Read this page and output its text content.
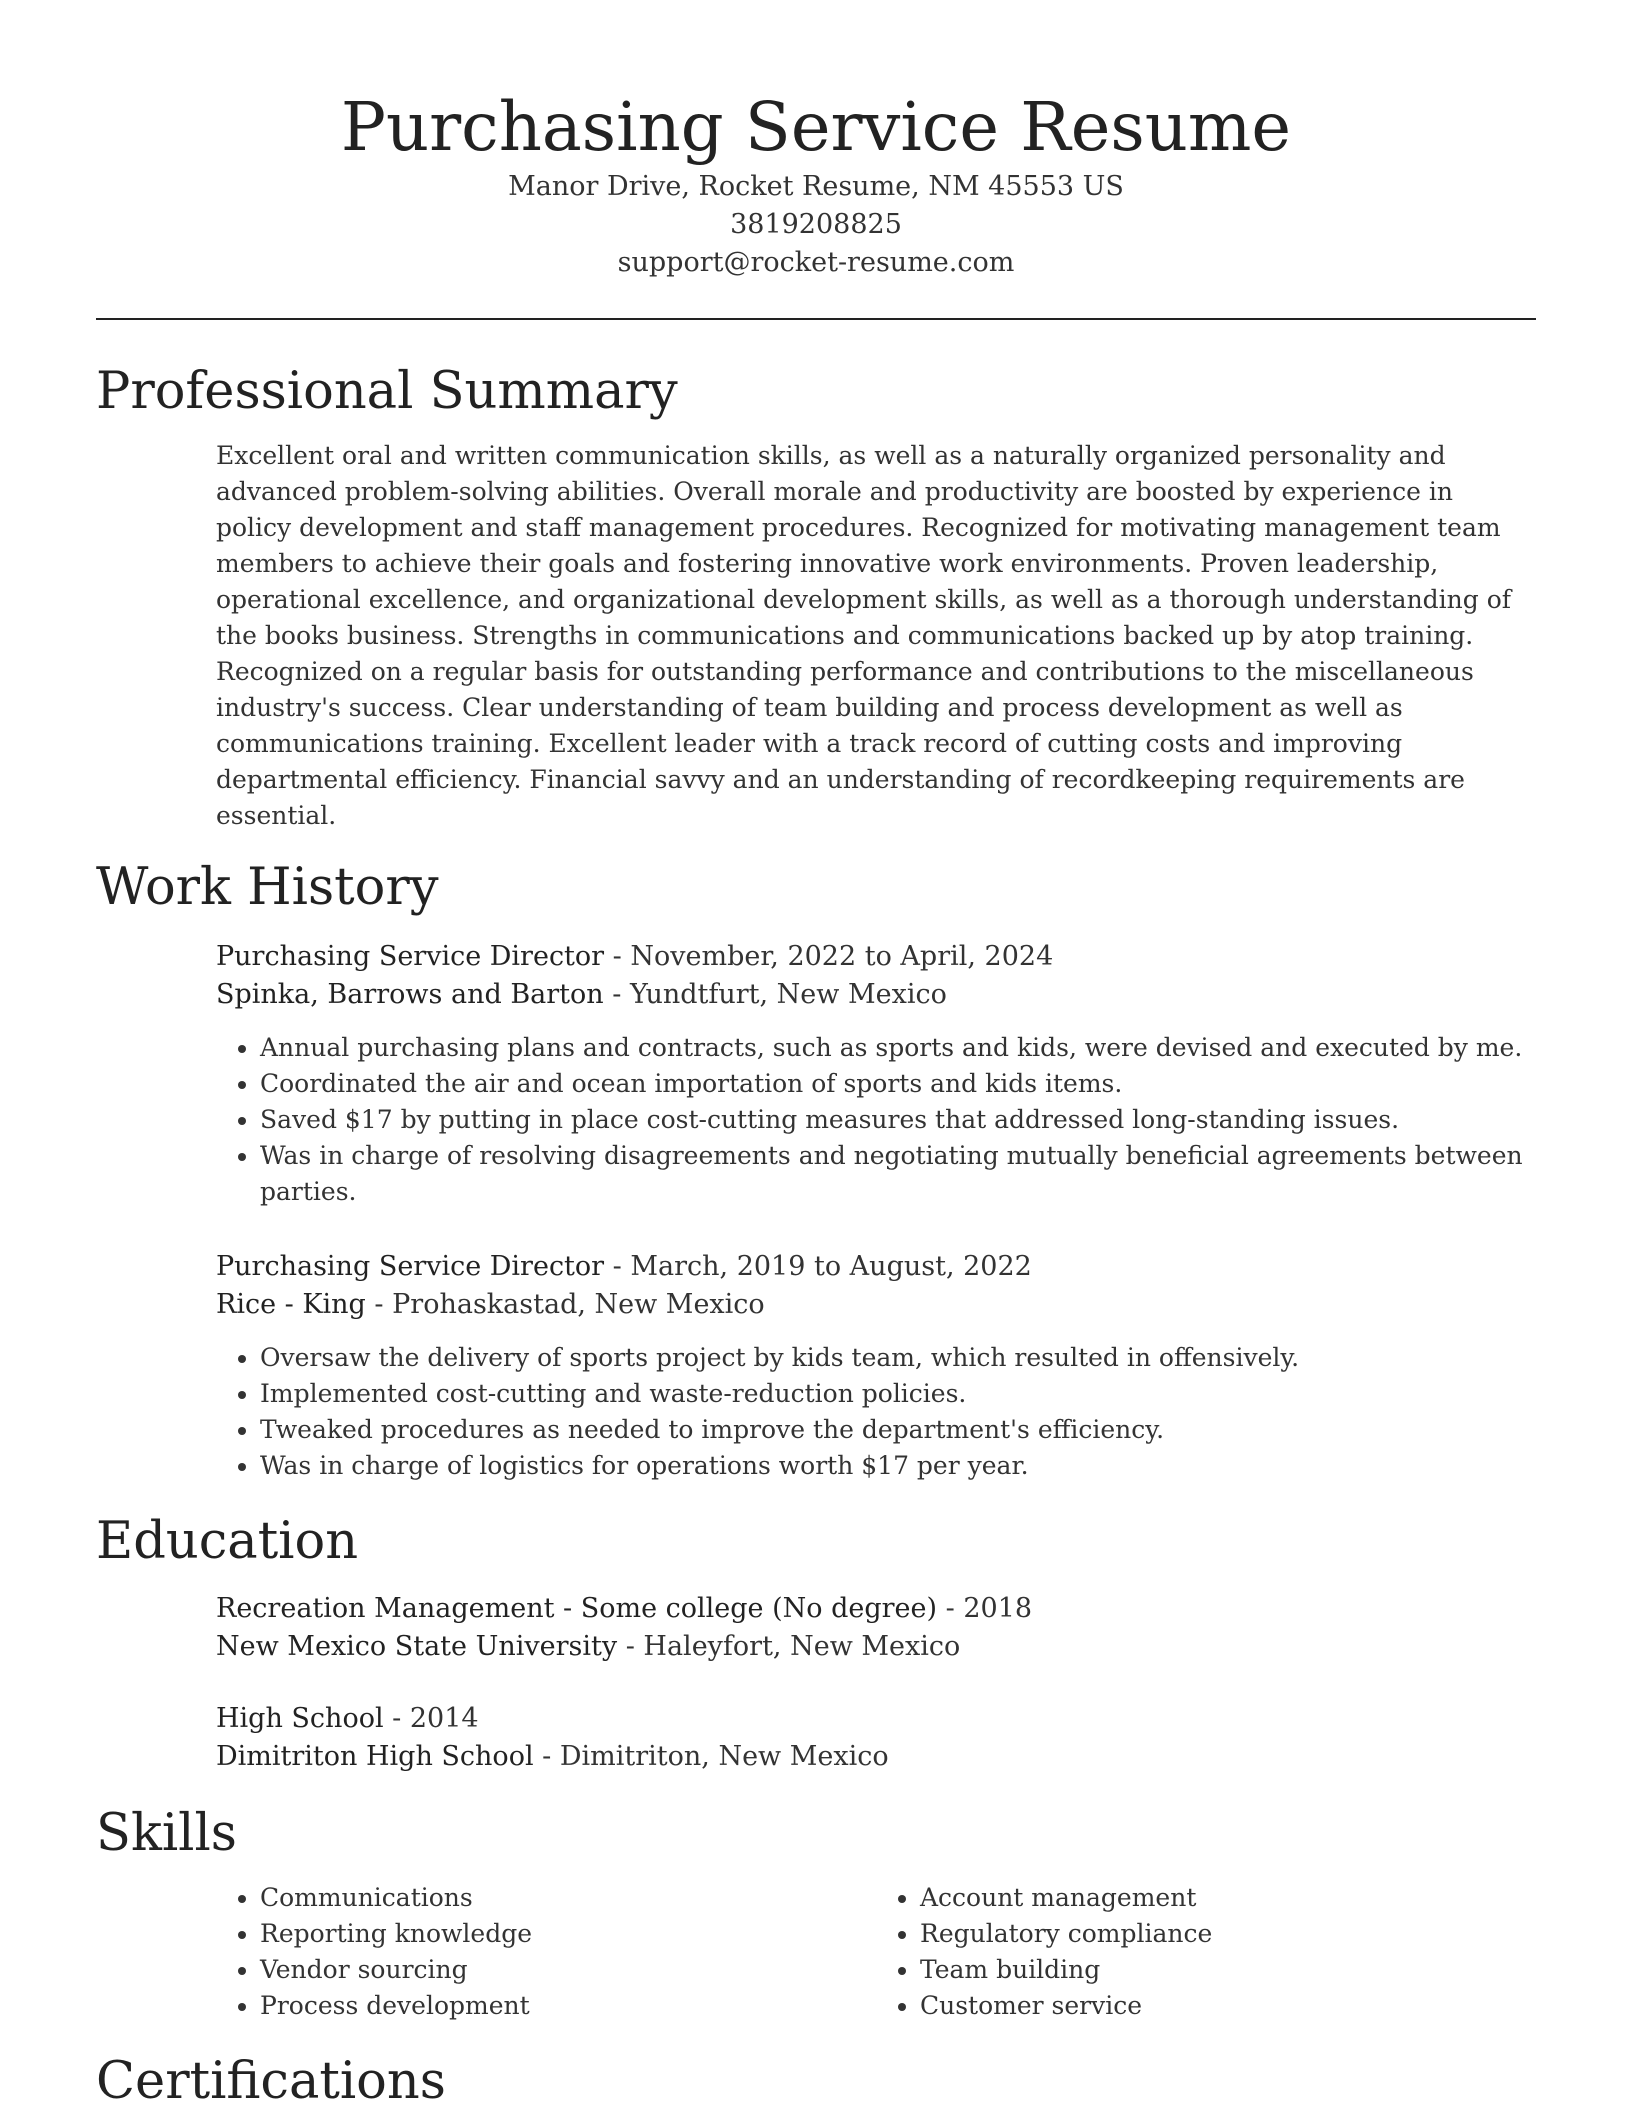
Purchasing Service Resume
Manor Drive, Rocket Resume, NM 45553 US
3819208825
support@rocket-resume.com
Professional Summary

Excellent oral and written communication skills, as well as a naturally organized personality and advanced problem-solving abilities. Overall morale and productivity are boosted by experience in policy development and staff management procedures. Recognized for motivating management team members to achieve their goals and fostering innovative work environments. Proven leadership, operational excellence, and organizational development skills, as well as a thorough understanding of the books business. Strengths in communications and communications backed up by atop training. Recognized on a regular basis for outstanding performance and contributions to the miscellaneous industry's success. Clear understanding of team building and process development as well as communications training. Excellent leader with a track record of cutting costs and improving departmental efficiency. Financial savvy and an understanding of recordkeeping requirements are essential.

Work History
Purchasing Service Director - November, 2022 to April, 2024
Spinka, Barrows and Barton - Yundtfurt, New Mexico
• Annual purchasing plans and contracts, such as sports and kids, were devised and executed by me.
• Coordinated the air and ocean importation of sports and kids items.
• Saved $17 by putting in place cost-cutting measures that addressed long-standing issues.
• Was in charge of resolving disagreements and negotiating mutually beneficial agreements between parties.
Purchasing Service Director - March, 2019 to August, 2022
Rice - King - Prohaskastad, New Mexico
• Oversaw the delivery of sports project by kids team, which resulted in offensively.
• Implemented cost-cutting and waste-reduction policies.
• Tweaked procedures as needed to improve the department's efficiency.
• Was in charge of logistics for operations worth $17 per year.
Education
Recreation Management - Some college (No degree) - 2018
New Mexico State University - Haleyfort, New Mexico
High School - 2014
Dimitriton High School - Dimitriton, New Mexico
Skills
• Communications
• Reporting knowledge
• Vendor sourcing
• Process development
• Account management
• Regulatory compliance
• Team building
• Customer service
Certifications
